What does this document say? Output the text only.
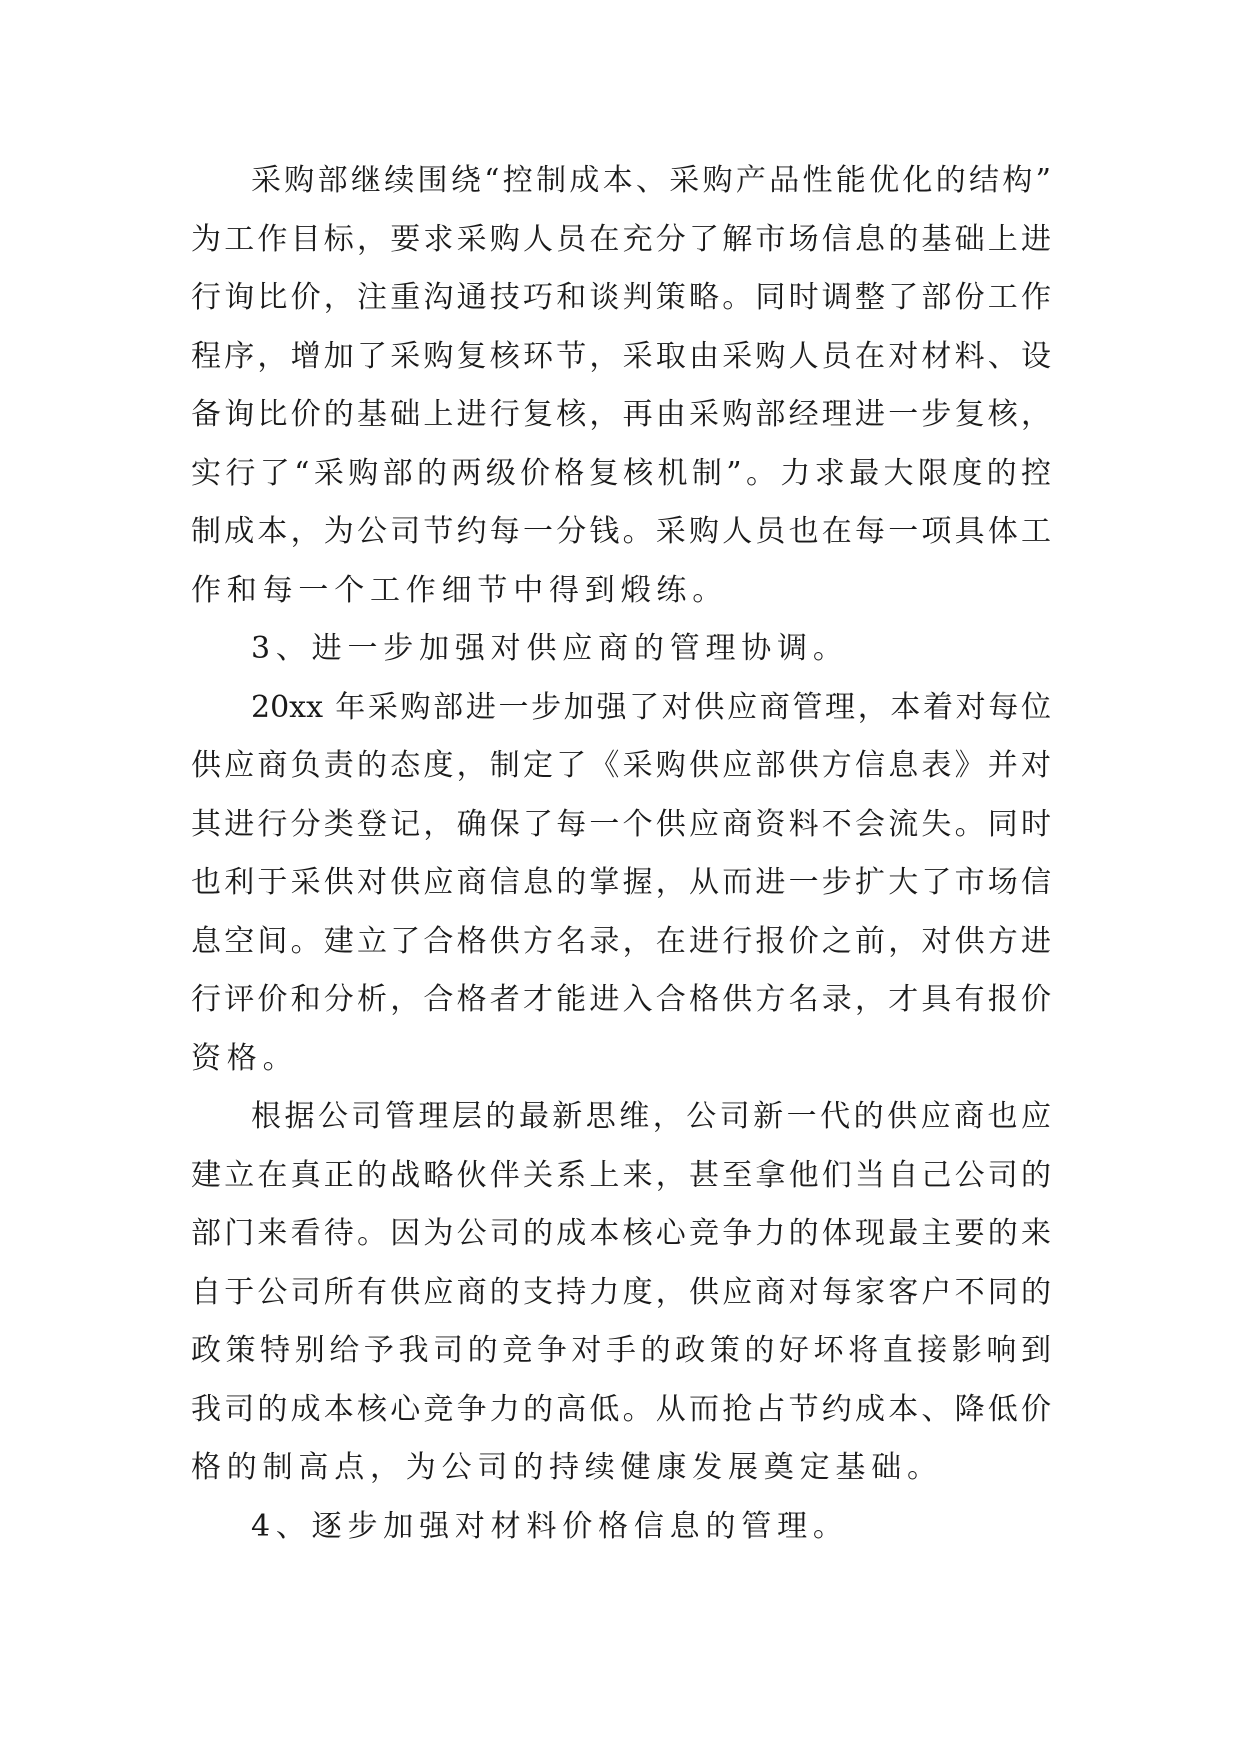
采购部继续围绕“控制成本、采购产品性能优化的结构”
为工作目标，要求采购人员在充分了解市场信息的基础上进
行询比价，注重沟通技巧和谈判策略。同时调整了部份工作
程序，增加了采购复核环节，采取由采购人员在对材料、设
备询比价的基础上进行复核，再由采购部经理进一步复核，
实行了“采购部的两级价格复核机制”。力求最大限度的控
制成本，为公司节约每一分钱。采购人员也在每一项具体工
作和每一个工作细节中得到煅练。
3、进一步加强对供应商的管理协调。
20xx 年采购部进一步加强了对供应商管理，本着对每位
供应商负责的态度，制定了《采购供应部供方信息表》并对
其进行分类登记，确保了每一个供应商资料不会流失。同时
也利于采供对供应商信息的掌握，从而进一步扩大了市场信
息空间。建立了合格供方名录，在进行报价之前，对供方进
行评价和分析，合格者才能进入合格供方名录，才具有报价
资格。
根据公司管理层的最新思维，公司新一代的供应商也应
建立在真正的战略伙伴关系上来，甚至拿他们当自己公司的
部门来看待。因为公司的成本核心竞争力的体现最主要的来
自于公司所有供应商的支持力度，供应商对每家客户不同的
政策特别给予我司的竞争对手的政策的好坏将直接影响到
我司的成本核心竞争力的高低。从而抢占节约成本、降低价
格的制高点，为公司的持续健康发展奠定基础。
4、逐步加强对材料价格信息的管理。
